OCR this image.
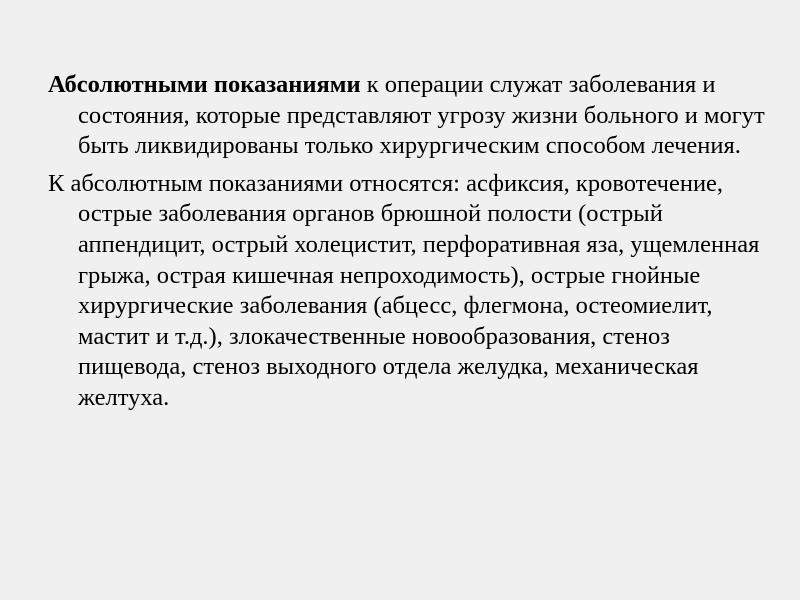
Абсолютными показаниями к операции служат заболевания и состояния, которые представляют угрозу жизни больного и могут быть ликвидированы только хирургическим способом лечения.

К абсолютным показаниями относятся: асфиксия, кровотечение, острые заболевания органов брюшной полости (острый аппендицит, острый холецистит, перфоративная яза, ущемленная грыжа, острая кишечная непроходимость), острые гнойные хирургические заболевания (абцесс, флегмона, остеомиелит, мастит и т.д.), злокачественные новообразования, стеноз пищевода, стеноз выходного отдела желудка, механическая желтуха.
